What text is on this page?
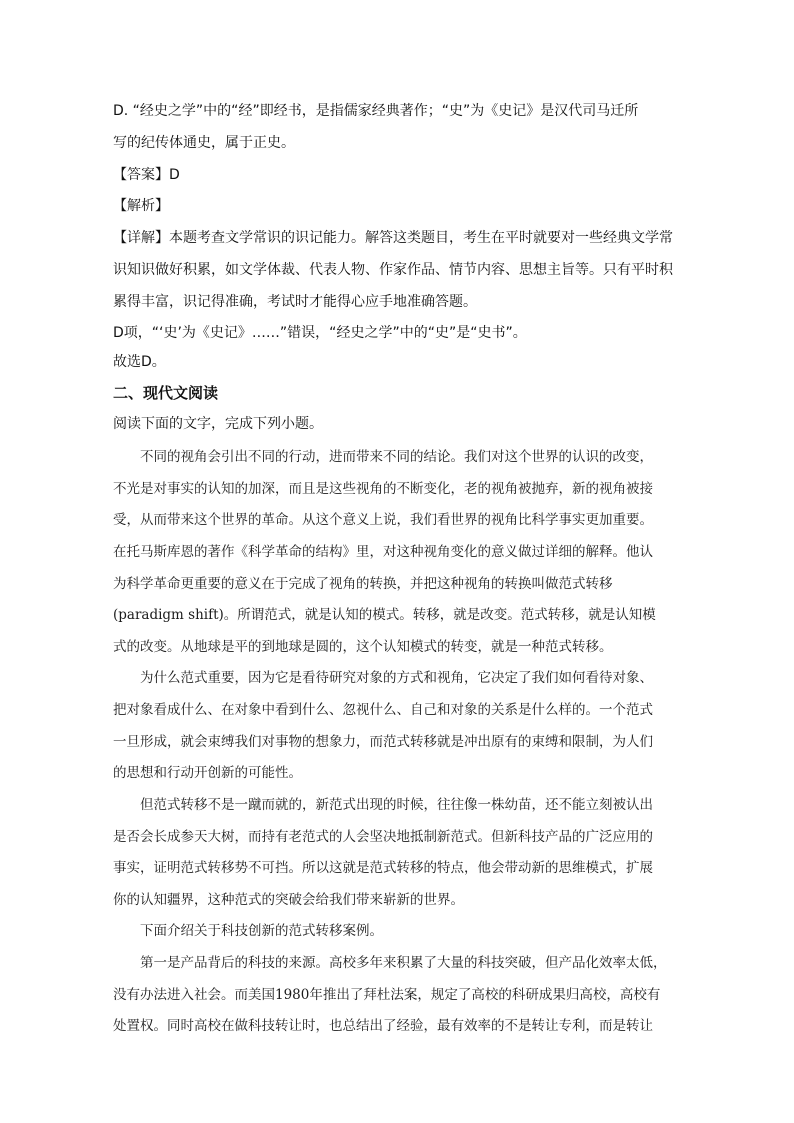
D. “经史之学”中的“经”即经书，是指儒家经典著作；“史”为《史记》是汉代司马迁所
写的纪传体通史，属于正史。
【答案】D
【解析】
【详解】本题考查文学常识的识记能力。解答这类题目，考生在平时就要对一些经典文学常
识知识做好积累，如文学体裁、代表人物、作家作品、情节内容、思想主旨等。只有平时积
累得丰富，识记得准确，考试时才能得心应手地准确答题。
D项，“‘史’为《史记》……”错误，“经史之学”中的“史”是“史书”。
故选D。
二、现代文阅读
阅读下面的文字，完成下列小题。
　　不同的视角会引出不同的行动，进而带来不同的结论。我们对这个世界的认识的改变，
不光是对事实的认知的加深，而且是这些视角的不断变化，老的视角被抛弃，新的视角被接
受，从而带来这个世界的革命。从这个意义上说，我们看世界的视角比科学事实更加重要。
在托马斯库恩的著作《科学革命的结构》里，对这种视角变化的意义做过详细的解释。他认
为科学革命更重要的意义在于完成了视角的转换，并把这种视角的转换叫做范式转移
(paradigm shift)。所谓范式，就是认知的模式。转移，就是改变。范式转移，就是认知模
式的改变。从地球是平的到地球是圆的，这个认知模式的转变，就是一种范式转移。
　　为什么范式重要，因为它是看待研究对象的方式和视角，它决定了我们如何看待对象、
把对象看成什么、在对象中看到什么、忽视什么、自己和对象的关系是什么样的。一个范式
一旦形成，就会束缚我们对事物的想象力，而范式转移就是冲出原有的束缚和限制，为人们
的思想和行动开创新的可能性。
　　但范式转移不是一蹴而就的，新范式出现的时候，往往像一株幼苗，还不能立刻被认出
是否会长成参天大树，而持有老范式的人会坚决地抵制新范式。但新科技产品的广泛应用的
事实，证明范式转移势不可挡。所以这就是范式转移的特点，他会带动新的思维模式，扩展
你的认知疆界，这种范式的突破会给我们带来崭新的世界。
　　下面介绍关于科技创新的范式转移案例。
　　第一是产品背后的科技的来源。高校多年来积累了大量的科技突破，但产品化效率太低，
没有办法进入社会。而美国1980年推出了拜杜法案，规定了高校的科研成果归高校，高校有
处置权。同时高校在做科技转让时，也总结出了经验，最有效率的不是转让专利，而是转让
